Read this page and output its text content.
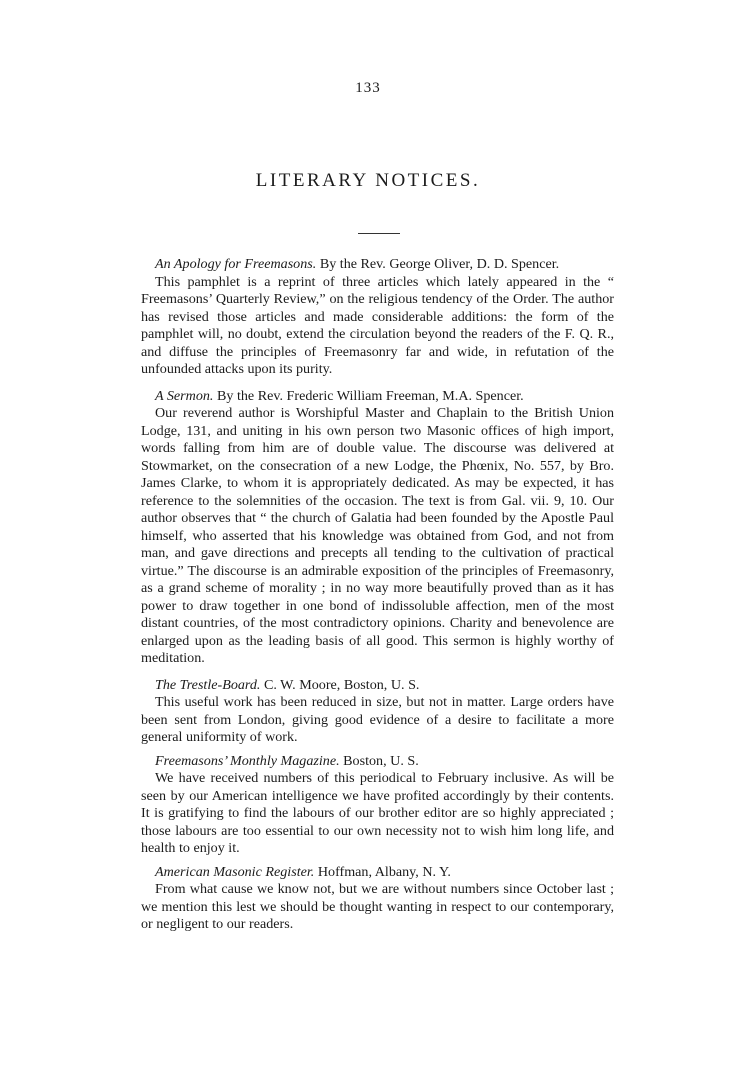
133
LITERARY NOTICES.

An Apology for Freemasons. By the Rev. George Oliver, D. D. Spencer.

This pamphlet is a reprint of three articles which lately appeared in the “ Freemasons’ Quarterly Review,” on the religious tendency of the Order. The author has revised those articles and made considerable additions: the form of the pamphlet will, no doubt, extend the circulation beyond the readers of the F. Q. R., and diffuse the principles of Freemasonry far and wide, in refutation of the unfounded attacks upon its purity.

A Sermon. By the Rev. Frederic William Freeman, M.A. Spencer.

Our reverend author is Worshipful Master and Chaplain to the British Union Lodge, 131, and uniting in his own person two Masonic offices of high import, words falling from him are of double value. The discourse was delivered at Stowmarket, on the consecration of a new Lodge, the Phœnix, No. 557, by Bro. James Clarke, to whom it is appropriately dedicated. As may be expected, it has reference to the solemnities of the occasion. The text is from Gal. vii. 9, 10. Our author observes that “ the church of Galatia had been founded by the Apostle Paul himself, who asserted that his knowledge was obtained from God, and not from man, and gave directions and precepts all tending to the cultivation of practical virtue.” The discourse is an admirable exposition of the principles of Freemasonry, as a grand scheme of morality ; in no way more beautifully proved than as it has power to draw together in one bond of indissoluble affection, men of the most distant countries, of the most contradictory opinions. Charity and benevolence are enlarged upon as the leading basis of all good. This sermon is highly worthy of meditation.

The Trestle-Board. C. W. Moore, Boston, U. S.

This useful work has been reduced in size, but not in matter. Large orders have been sent from London, giving good evidence of a desire to facilitate a more general uniformity of work.

Freemasons’ Monthly Magazine. Boston, U. S.

We have received numbers of this periodical to February inclusive. As will be seen by our American intelligence we have profited accordingly by their contents. It is gratifying to find the labours of our brother editor are so highly appreciated ; those labours are too essential to our own necessity not to wish him long life, and health to enjoy it.

American Masonic Register. Hoffman, Albany, N. Y.

From what cause we know not, but we are without numbers since October last ; we mention this lest we should be thought wanting in respect to our contemporary, or negligent to our readers.
